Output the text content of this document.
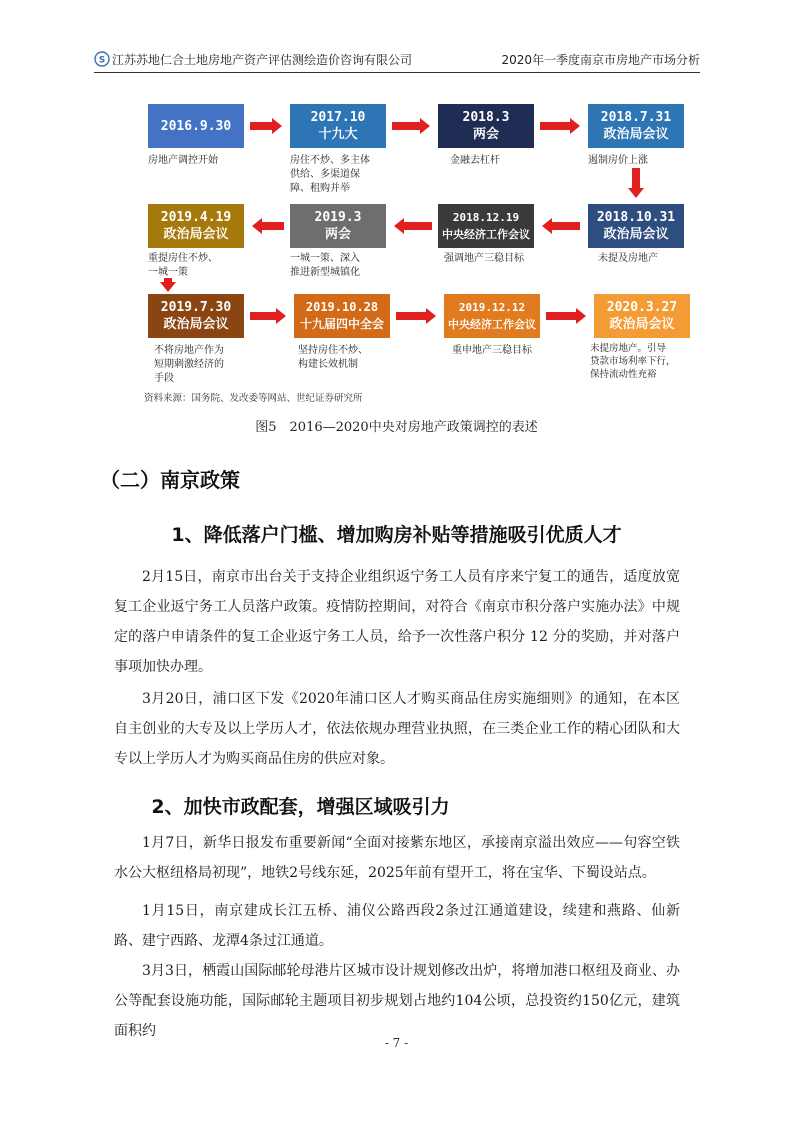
S 江苏苏地仁合土地房地产资产评估测绘造价咨询有限公司	2020年一季度南京市房地产市场分析
2016.9.30
2017.10
十九大
2018.3
两会
2018.7.31
政治局会议
房地产调控开始	房住不炒、多主体
供给、多渠道保
障、租购并举
金融去杠杆	遏制房价上涨
2019.4.19
政治局会议
2019.3
两会
2018.12.19
中央经济工作会议
2018.10.31
政治局会议
重提房住不炒、
一城一策
一城一策、深入
推进新型城镇化
强调地产三稳目标	未提及房地产
2019.7.30
政治局会议
2019.10.28
十九届四中全会
2019.12.12
中央经济工作会议
2020.3.27
政治局会议
不将房地产作为
短期刺激经济的
手段
坚持房住不炒、
构建长效机制
重申地产三稳目标	未提房地产。引导
贷款市场利率下行，
保持流动性充裕
资料来源：国务院、发改委等网站、世纪证券研究所
图5　2016—2020中央对房地产政策调控的表述
（二）南京政策
1、降低落户门槛、增加购房补贴等措施吸引优质人才
2月15日，南京市出台关于支持企业组织返宁务工人员有序来宁复工的通告，适度放宽复工企业返宁务工人员落户政策。疫情防控期间，对符合《南京市积分落户实施办法》中规定的落户申请条件的复工企业返宁务工人员，给予一次性落户积分 12 分的奖励，并对落户事项加快办理。
3月20日，浦口区下发《2020年浦口区人才购买商品住房实施细则》的通知，在本区自主创业的大专及以上学历人才，依法依规办理营业执照，在三类企业工作的精心团队和大专以上学历人才为购买商品住房的供应对象。
2、加快市政配套，增强区域吸引力
1月7日，新华日报发布重要新闻“全面对接紫东地区，承接南京溢出效应——句容空铁水公大枢纽格局初现”，地铁2号线东延，2025年前有望开工，将在宝华、下蜀设站点。
1月15日，南京建成长江五桥、浦仪公路西段2条过江通道建设，续建和燕路、仙新路、建宁西路、龙潭4条过江通道。
3月3日，栖霞山国际邮轮母港片区城市设计规划修改出炉，将增加港口枢纽及商业、办公等配套设施功能，国际邮轮主题项目初步规划占地约104公顷，总投资约150亿元，建筑面积约
- 7 -
